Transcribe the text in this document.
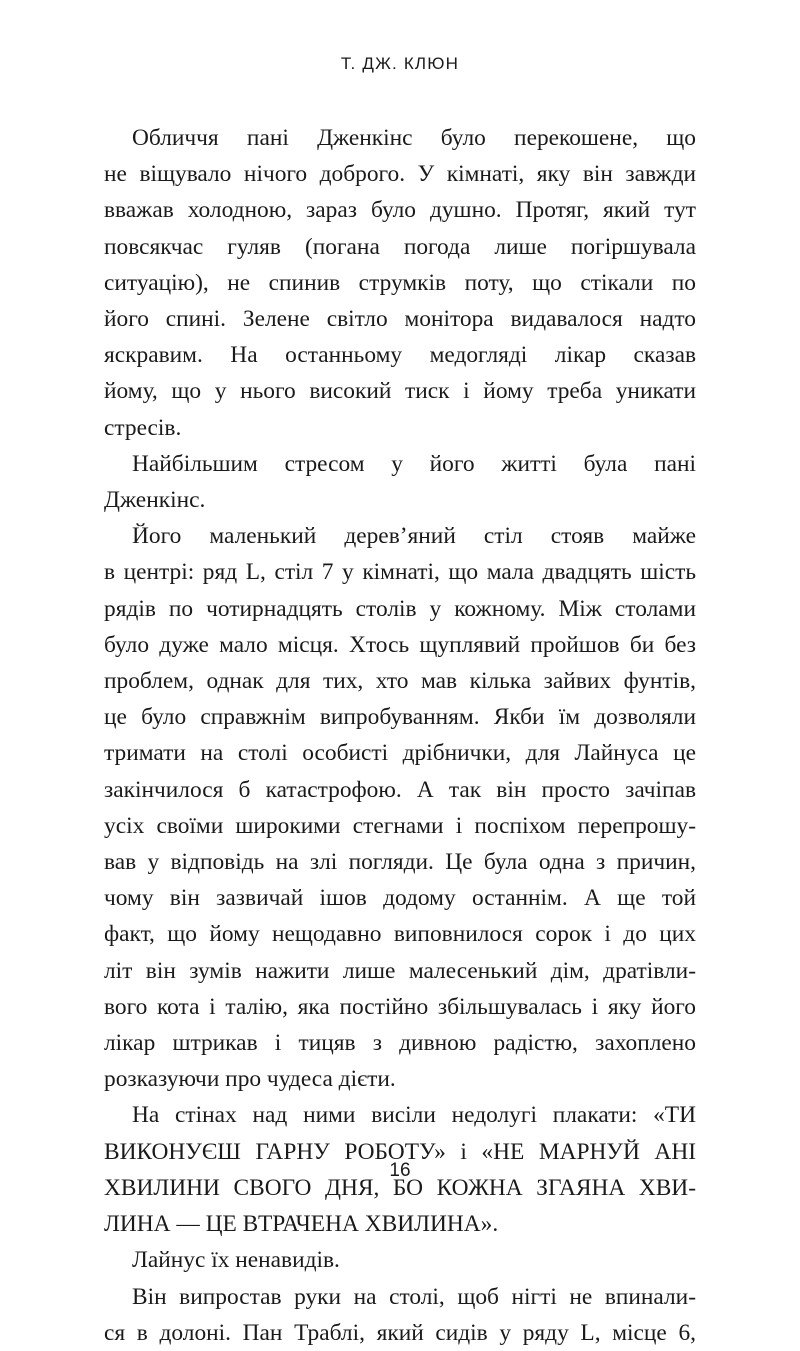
Т. ДЖ. КЛЮН
Обличчя пані Дженкінс було перекошене, що
не віщувало нічого доброго. У кімнаті, яку він завжди
вважав холодною, зараз було душно. Протяг, який тут
повсякчас гуляв (погана погода лише погіршувала
ситуацію), не спинив струмків поту, що стікали по
його спині. Зелене світло монітора видавалося надто
яскравим. На останньому медогляді лікар сказав
йому, що у нього високий тиск і йому треба уникати
стресів.
Найбільшим стресом у його житті була пані
Дженкінс.
Його маленький дерев’яний стіл стояв майже
в центрі: ряд L, стіл 7 у кімнаті, що мала двадцять шість
рядів по чотирнадцять столів у кожному. Між столами
було дуже мало місця. Хтось щуплявий пройшов би без
проблем, однак для тих, хто мав кілька зайвих фунтів,
це було справжнім випробуванням. Якби їм дозволяли
тримати на столі особисті дрібнички, для Лайнуса це
закінчилося б катастрофою. А так він просто зачіпав
усіх своїми широкими стегнами і поспіхом перепрошу-
вав у відповідь на злі погляди. Це була одна з причин,
чому він зазвичай ішов додому останнім. А ще той
факт, що йому нещодавно виповнилося сорок і до цих
літ він зумів нажити лише малесенький дім, дратівли-
вого кота і талію, яка постійно збільшувалась і яку його
лікар штрикав і тицяв з дивною радістю, захоплено
розказуючи про чудеса дієти.
На стінах над ними висіли недолугі плакати: «ТИ
ВИКОНУЄШ ГАРНУ РОБОТУ» і «НЕ МАРНУЙ АНІ
ХВИЛИНИ СВОГО ДНЯ, БО КОЖНА ЗГАЯНА ХВИ-
ЛИНА — ЦЕ ВТРАЧЕНА ХВИЛИНА».
Лайнус їх ненавидів.
Він випростав руки на столі, щоб нігті не впинали-
ся в долоні. Пан Траблі, який сидів у ряду L, місце 6,
16
